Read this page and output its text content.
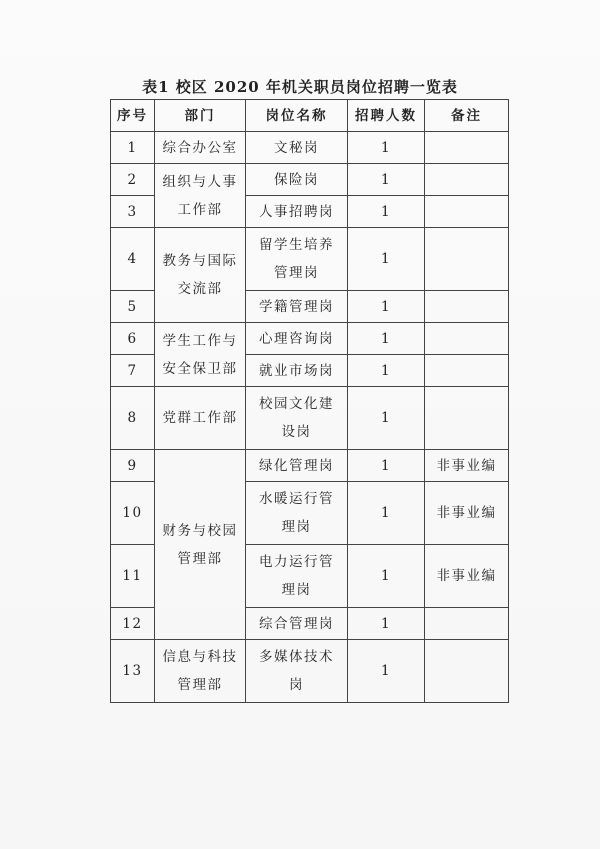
表1 校区 2020 年机关职员岗位招聘一览表
序号	部门	岗位名称	招聘人数	备注
1	综合办公室	文秘岗	1	
2	组织与人事工作部	保险岗	1	
3		人事招聘岗	1	
4	教务与国际交流部	留学生培养管理岗	1	
5		学籍管理岗	1	
6	学生工作与安全保卫部	心理咨询岗	1	
7		就业市场岗	1	
8	党群工作部	校园文化建设岗	1	
9	财务与校园管理部	绿化管理岗	1	非事业编
10		水暖运行管理岗	1	非事业编
11		电力运行管理岗	1	非事业编
12		综合管理岗	1	
13	信息与科技管理部	多媒体技术岗	1	
